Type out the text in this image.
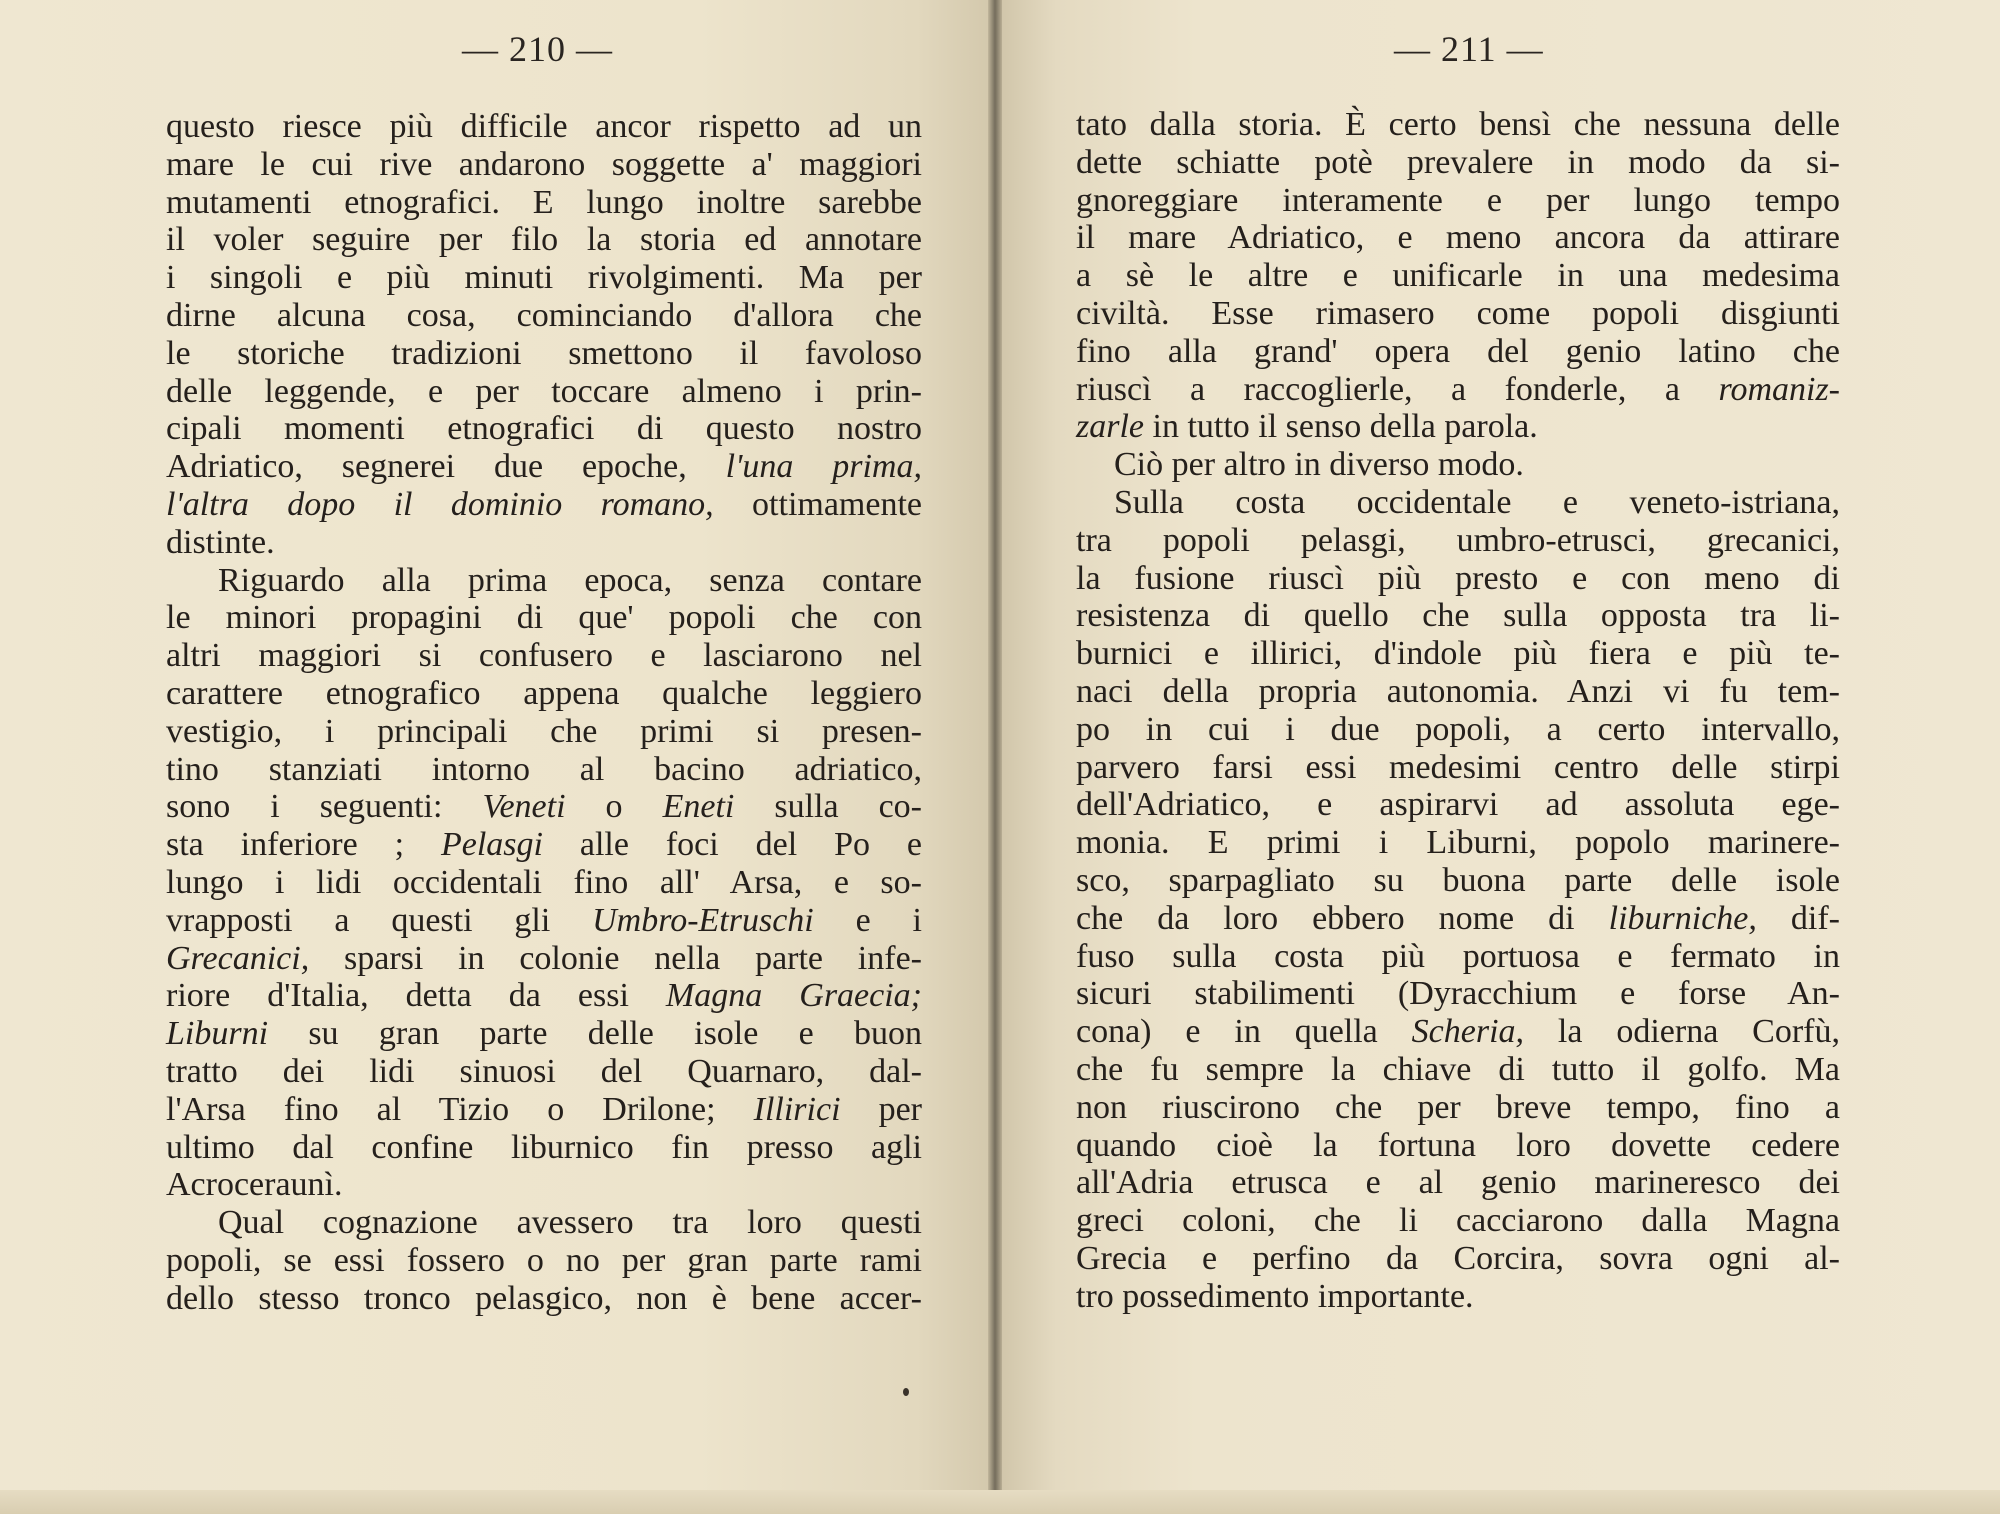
— 210 —
questo riesce più difficile ancor rispetto ad un
mare le cui rive andarono soggette a' maggiori
mutamenti etnografici. E lungo inoltre sarebbe
il voler seguire per filo la storia ed annotare
i singoli e più minuti rivolgimenti. Ma per
dirne alcuna cosa, cominciando d'allora che
le storiche tradizioni smettono il favoloso
delle leggende, e per toccare almeno i prin-
cipali momenti etnografici di questo nostro
Adriatico, segnerei due epoche, l'una prima,
l'altra dopo il dominio romano, ottimamente
distinte.
Riguardo alla prima epoca, senza contare
le minori propagini di que' popoli che con
altri maggiori si confusero e lasciarono nel
carattere etnografico appena qualche leggiero
vestigio, i principali che primi si presen-
tino stanziati intorno al bacino adriatico,
sono i seguenti: Veneti o Eneti sulla co-
sta inferiore ; Pelasgi alle foci del Po e
lungo i lidi occidentali fino all' Arsa, e so-
vrapposti a questi gli Umbro-Etruschi e i
Grecanici, sparsi in colonie nella parte infe-
riore d'Italia, detta da essi Magna Graecia;
Liburni su gran parte delle isole e buon
tratto dei lidi sinuosi del Quarnaro, dal-
l'Arsa fino al Tizio o Drilone; Illirici per
ultimo dal confine liburnico fin presso agli
Acroceraunì.
Qual cognazione avessero tra loro questi
popoli, se essi fossero o no per gran parte rami
dello stesso tronco pelasgico, non è bene accer-
— 211 —
tato dalla storia. È certo bensì che nessuna delle
dette schiatte potè prevalere in modo da si-
gnoreggiare interamente e per lungo tempo
il mare Adriatico, e meno ancora da attirare
a sè le altre e unificarle in una medesima
civiltà. Esse rimasero come popoli disgiunti
fino alla grand' opera del genio latino che
riuscì a raccoglierle, a fonderle, a romaniz-
zarle in tutto il senso della parola.
Ciò per altro in diverso modo.
Sulla costa occidentale e veneto-istriana,
tra popoli pelasgi, umbro-etrusci, grecanici,
la fusione riuscì più presto e con meno di
resistenza di quello che sulla opposta tra li-
burnici e illirici, d'indole più fiera e più te-
naci della propria autonomia. Anzi vi fu tem-
po in cui i due popoli, a certo intervallo,
parvero farsi essi medesimi centro delle stirpi
dell'Adriatico, e aspirarvi ad assoluta ege-
monia. E primi i Liburni, popolo marinere-
sco, sparpagliato su buona parte delle isole
che da loro ebbero nome di liburniche, dif-
fuso sulla costa più portuosa e fermato in
sicuri stabilimenti (Dyracchium e forse An-
cona) e in quella Scheria, la odierna Corfù,
che fu sempre la chiave di tutto il golfo. Ma
non riuscirono che per breve tempo, fino a
quando cioè la fortuna loro dovette cedere
all'Adria etrusca e al genio marineresco dei
greci coloni, che li cacciarono dalla Magna
Grecia e perfino da Corcira, sovra ogni al-
tro possedimento importante.
